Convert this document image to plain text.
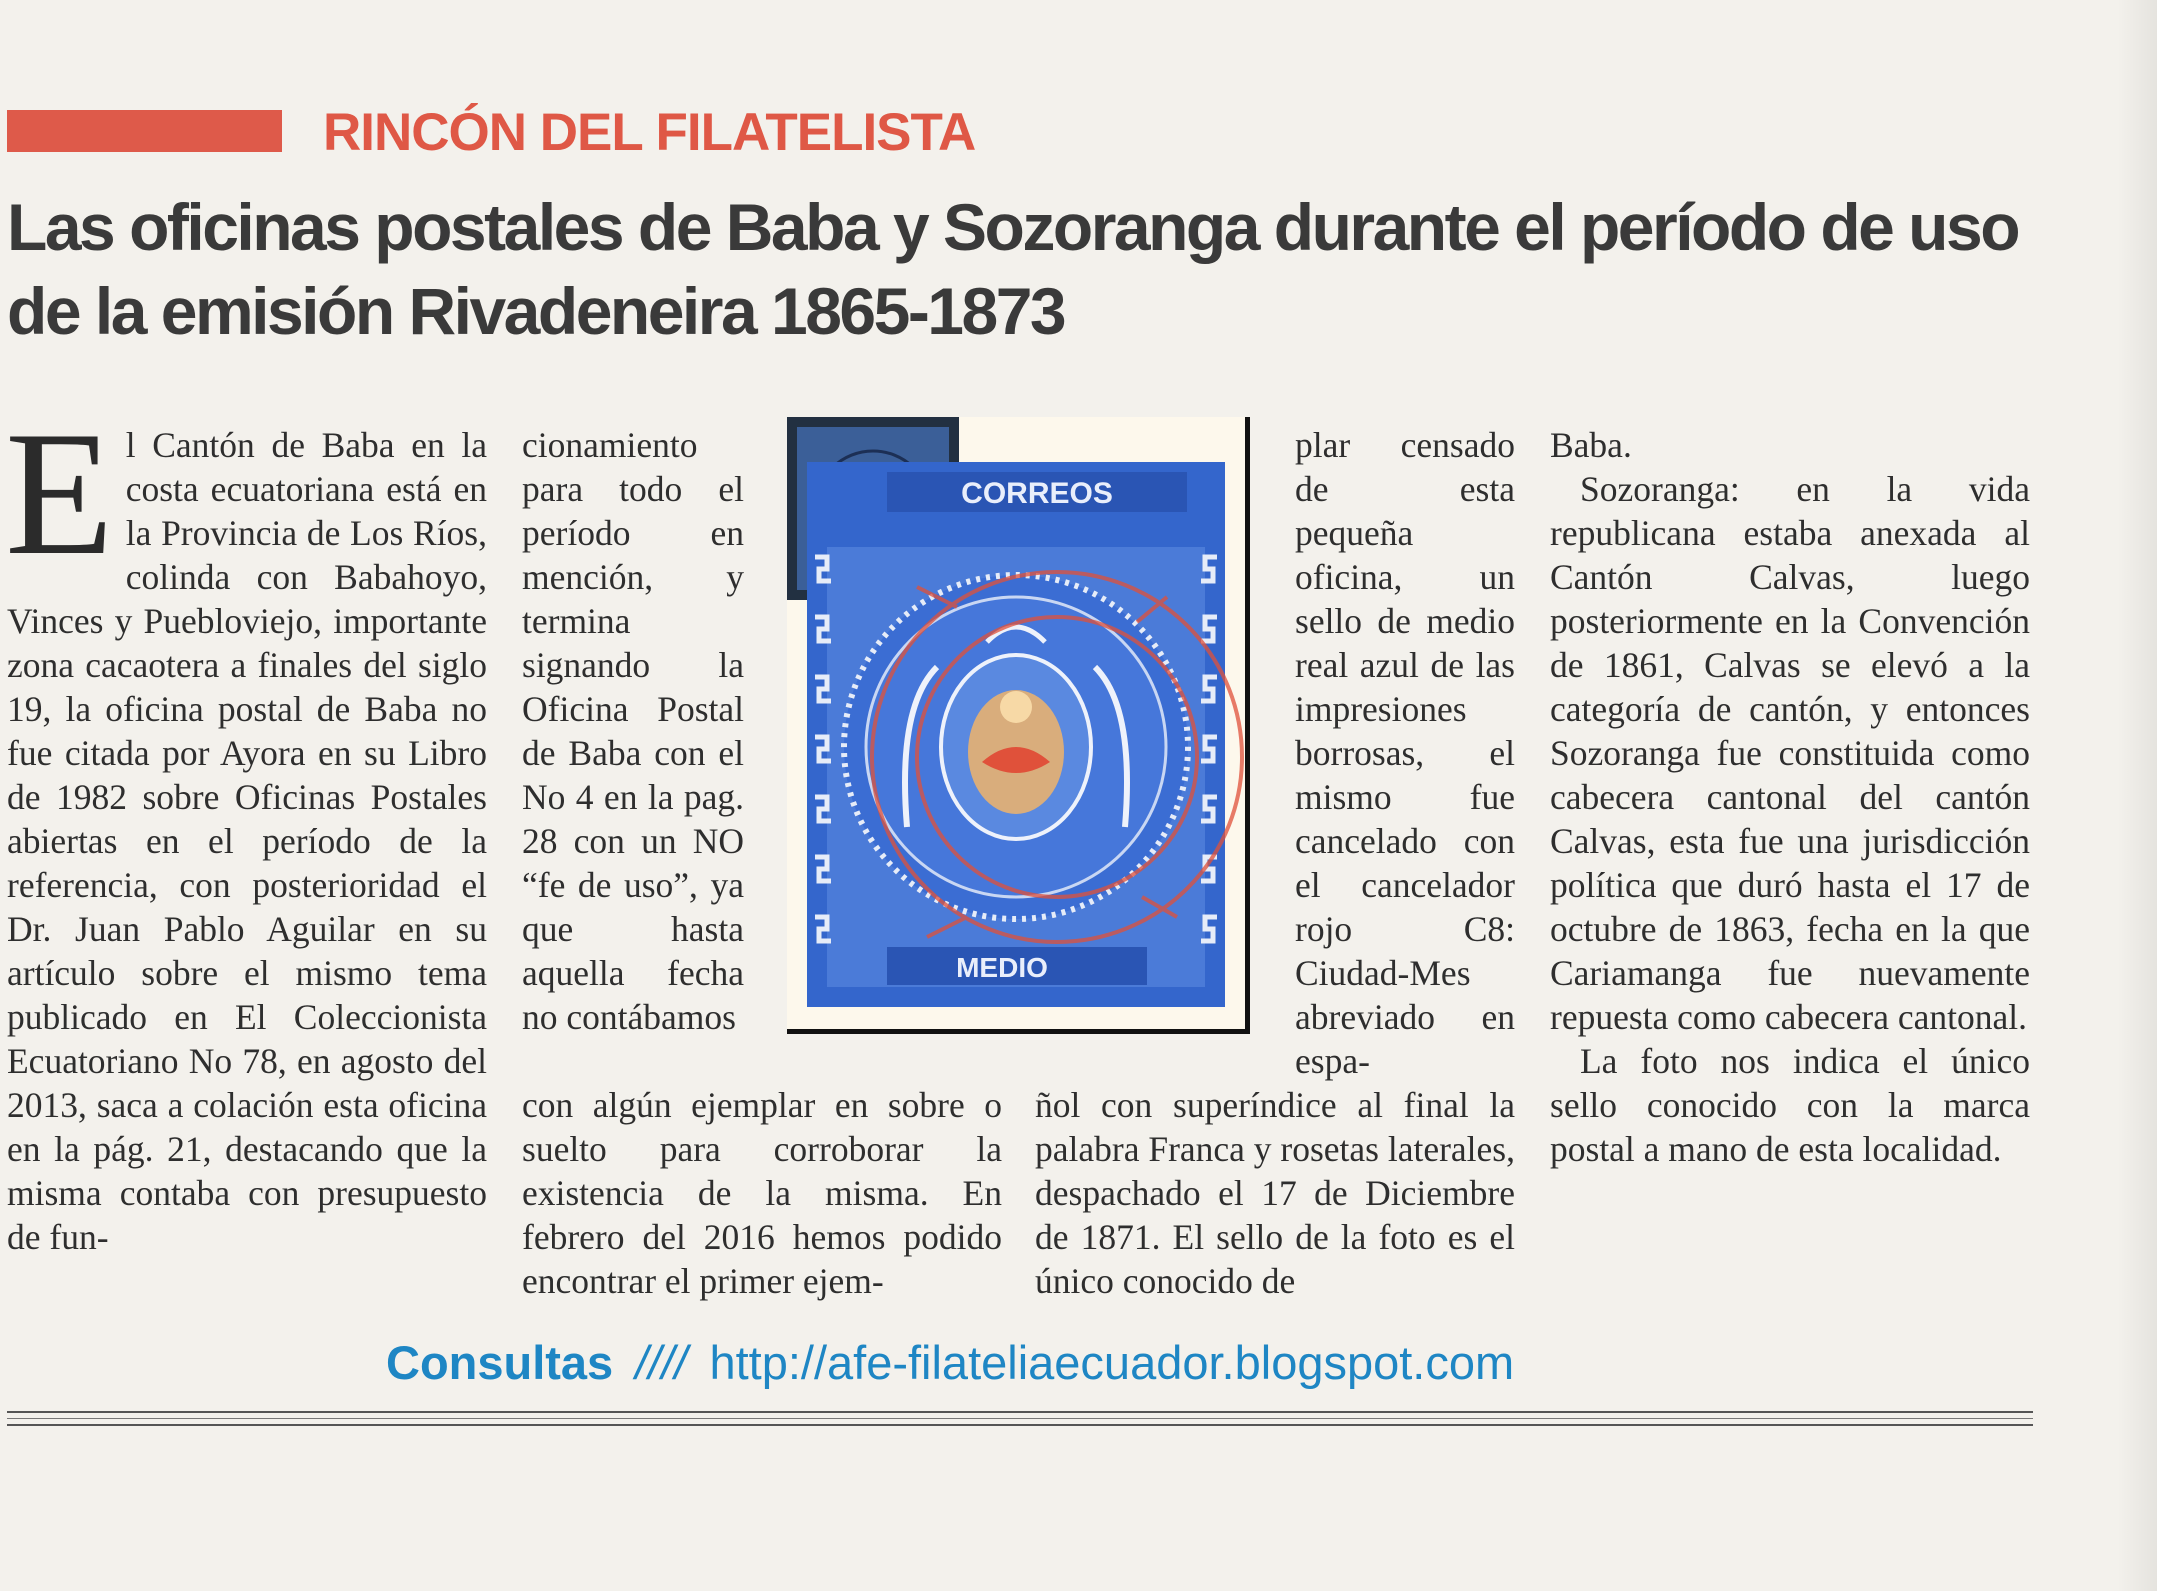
RINCÓN DEL FILATELISTA
Las oficinas postales de Baba y Sozoranga durante el período de uso de la emisión Rivadeneira 1865-1873
E l Cantón de Baba en la costa ecuatoriana está en la Provincia de Los Ríos, colinda con Babahoyo, Vinces y Puebloviejo, importante zona cacaotera a finales del siglo 19, la oficina postal de Baba no fue citada por Ayora en su Libro de 1982 sobre Oficinas Postales abiertas en el período de la referencia, con posterioridad el Dr. Juan Pablo Aguilar en su artículo sobre el mismo tema publicado en El Coleccionista Ecuatoriano No 78, en agosto del 2013, saca a colación esta oficina en la pág. 21, destacando que la misma contaba con presupuesto de fun-
cionamiento para todo el período en mención, y termina signando la Oficina Postal de Baba con el No 4 en la pag. 28 con un NO “fe de uso”, ya que hasta aquella fecha no contábamos
CORREOS
MEDIO
plar censado de esta pequeña oficina, un sello de medio real azul de las impresiones borrosas, el mismo fue cancelado con el cancelador rojo C8: Ciudad-Mes abreviado en espa-
con algún ejemplar en sobre o suelto para corroborar la existencia de la misma. En febrero del 2016 hemos podido encontrar el primer ejem-
ñol con superíndice al final la palabra Franca y rosetas laterales, despachado el 17 de Diciembre de 1871. El sello de la foto es el único conocido de

Baba.

Sozoranga: en la vida republicana estaba anexada al Cantón Calvas, luego posteriormente en la Convención de 1861, Calvas se elevó a la categoría de cantón, y entonces Sozoranga fue constituida como cabecera cantonal del cantón Calvas, esta fue una jurisdicción política que duró hasta el 17 de octubre de 1863, fecha en la que Cariamanga fue nuevamente repuesta como cabecera cantonal.

La foto nos indica el único sello conocido con la marca postal a mano de esta localidad.

Consultas //// http://afe-filateliaecuador.blogspot.com
